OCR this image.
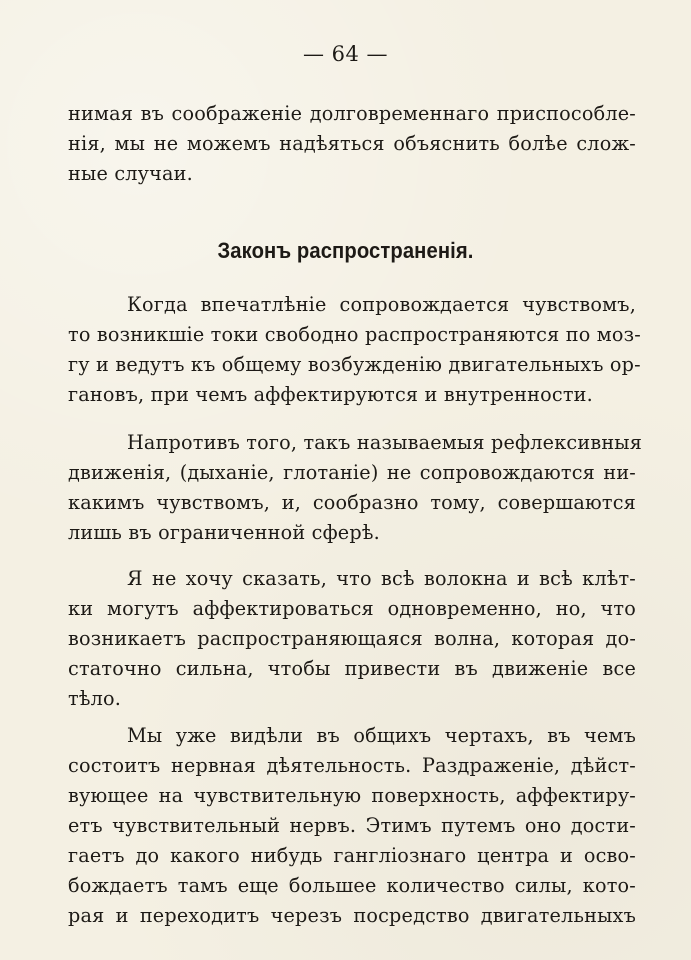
— 64 —
нимая въ соображеніе долговременнаго приспособле-
нія, мы не можемъ надѣяться объяснить болѣе слож-
ные случаи.
Законъ распространенія.
Когда впечатлѣніе сопровождается чувствомъ,
то возникшіе токи свободно распространяются по моз-
гу и ведутъ къ общему возбужденію двигательныхъ ор-
гановъ, при чемъ аффектируются и внутренности.
Напротивъ того, такъ называемыя рефлексивныя
движенія, (дыханіе, глотаніе) не сопровождаются ни-
какимъ чувствомъ, и, сообразно тому, совершаются
лишь въ ограниченной сферѣ.
Я не хочу сказать, что всѣ волокна и всѣ клѣт-
ки могутъ аффектироваться одновременно, но, что
возникаетъ распространяющаяся волна, которая до-
статочно сильна, чтобы привести въ движеніе все
тѣло.
Мы уже видѣли въ общихъ чертахъ, въ чемъ
состоитъ нервная дѣятельность. Раздраженіе, дѣйст-
вующее на чувствительную поверхность, аффектиру-
етъ чувствительный нервъ. Этимъ путемъ оно дости-
гаетъ до какого нибудь ганглiознаго центра и осво-
бождаетъ тамъ еще большее количество силы, кото-
рая и переходитъ черезъ посредство двигательныхъ
